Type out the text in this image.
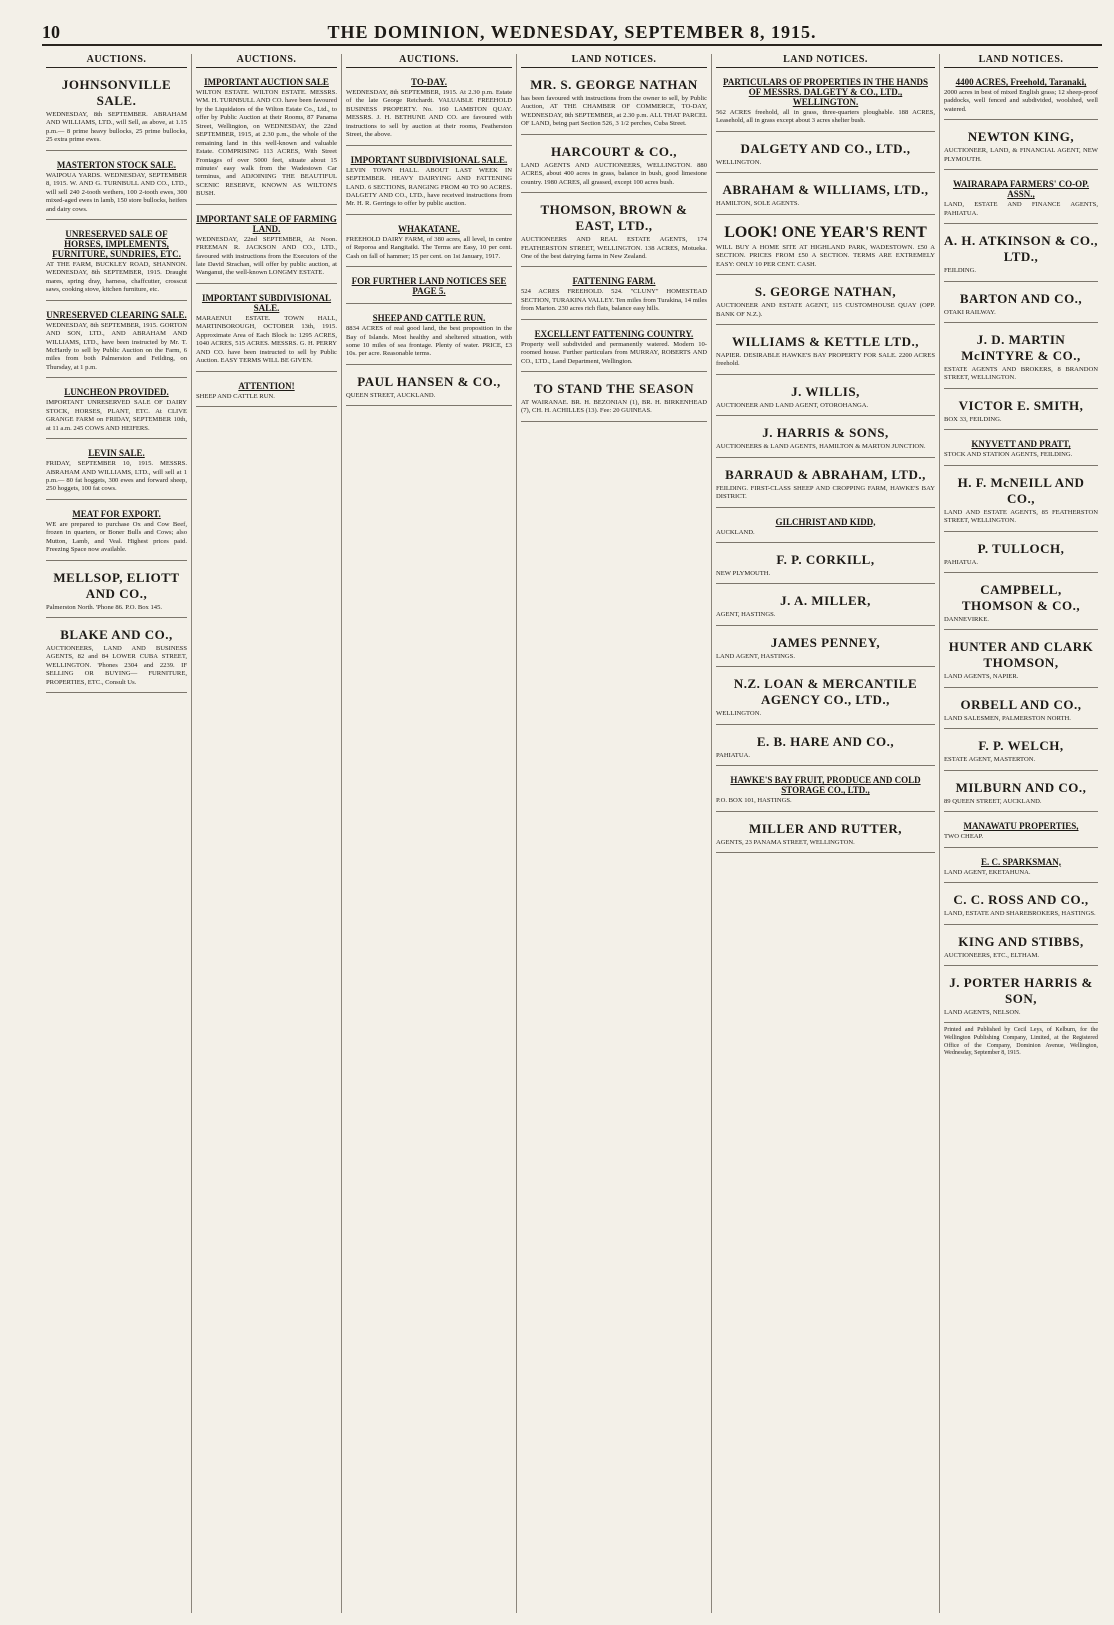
10	THE DOMINION, WEDNESDAY, SEPTEMBER 8, 1915.
AUCTIONS.
JOHNSONVILLE SALE.
WEDNESDAY, 8th SEPTEMBER. ABRAHAM AND WILLIAMS, LTD., will Sell, as above, at 1.15 p.m.— 8 prime heavy bullocks, 25 prime bullocks, 25 extra prime ewes.
MASTERTON STOCK SALE.
WAIPOUA YARDS. WEDNESDAY, SEPTEMBER 8, 1915. W. AND G. TURNBULL AND CO., LTD., will sell 240 2-tooth wethers, 100 2-tooth ewes, 300 mixed-aged ewes in lamb, 150 store bullocks, heifers and dairy cows.
UNRESERVED SALE OF HORSES, IMPLEMENTS, FURNITURE, SUNDRIES, ETC.
AT THE FARM, BUCKLEY ROAD, SHANNON. WEDNESDAY, 8th SEPTEMBER, 1915. Draught mares, spring dray, harness, chaffcutter, crosscut saws, cooking stove, kitchen furniture, etc.
UNRESERVED CLEARING SALE.
WEDNESDAY, 8th SEPTEMBER, 1915. GORTON AND SON, LTD., AND ABRAHAM AND WILLIAMS, LTD., have been instructed by Mr. T. McHardy to sell by Public Auction on the Farm, 6 miles from both Palmerston and Feilding, on Thursday, at 1 p.m.
LUNCHEON PROVIDED.
IMPORTANT UNRESERVED SALE OF DAIRY STOCK, HORSES, PLANT, ETC. At CLIVE GRANGE FARM on FRIDAY, SEPTEMBER 10th, at 11 a.m. 245 COWS AND HEIFERS.
LEVIN SALE.
FRIDAY, SEPTEMBER 10, 1915. MESSRS. ABRAHAM AND WILLIAMS, LTD., will sell at 1 p.m.— 80 fat hoggets, 300 ewes and forward sheep, 250 hoggets, 100 fat cows.
MEAT FOR EXPORT.
WE are prepared to purchase Ox and Cow Beef, frozen in quarters, or Boner Bulls and Cows; also Mutton, Lamb, and Veal. Highest prices paid. Freezing Space now available.
MELLSOP, ELIOTT AND CO.,
Palmerston North. 'Phone 86. P.O. Box 145.
BLAKE AND CO.,
AUCTIONEERS, LAND AND BUSINESS AGENTS, 82 and 84 LOWER CUBA STREET, WELLINGTON. 'Phones 2304 and 2239. IF SELLING OR BUYING— FURNITURE, PROPERTIES, ETC., Consult Us.
AUCTIONS.
IMPORTANT AUCTION SALE
WILTON ESTATE. WILTON ESTATE. MESSRS. WM. H. TURNBULL AND CO. have been favoured by the Liquidators of the Wilton Estate Co., Ltd., to offer by Public Auction at their Rooms, 87 Panama Street, Wellington, on WEDNESDAY, the 22nd SEPTEMBER, 1915, at 2.30 p.m., the whole of the remaining land in this well-known and valuable Estate. COMPRISING 113 ACRES, With Street Frontages of over 5000 feet, situate about 15 minutes' easy walk from the Wadestown Car terminus, and ADJOINING THE BEAUTIFUL SCENIC RESERVE, KNOWN AS WILTON'S BUSH.
IMPORTANT SALE OF FARMING LAND.
WEDNESDAY, 22nd SEPTEMBER, At Noon. FREEMAN R. JACKSON AND CO., LTD., favoured with instructions from the Executors of the late David Strachan, will offer by public auction, at Wanganui, the well-known LONGMY ESTATE.
IMPORTANT SUBDIVISIONAL SALE.
MARAENUI ESTATE. TOWN HALL, MARTINBOROUGH, OCTOBER 13th, 1915. Approximate Area of Each Block is: 1295 ACRES, 1040 ACRES, 515 ACRES. MESSRS. G. H. PERRY AND CO. have been instructed to sell by Public Auction. EASY TERMS WILL BE GIVEN.
ATTENTION!
SHEEP AND CATTLE RUN.
AUCTIONS.
TO-DAY.
WEDNESDAY, 8th SEPTEMBER, 1915. At 2.30 p.m. Estate of the late George Reichardt. VALUABLE FREEHOLD BUSINESS PROPERTY. No. 160 LAMBTON QUAY. MESSRS. J. H. BETHUNE AND CO. are favoured with instructions to sell by auction at their rooms, Featherston Street, the above.
IMPORTANT SUBDIVISIONAL SALE.
LEVIN TOWN HALL. ABOUT LAST WEEK IN SEPTEMBER. HEAVY DAIRYING AND FATTENING LAND. 6 SECTIONS, RANGING FROM 40 TO 90 ACRES. DALGETY AND CO., LTD., have received instructions from Mr. H. R. Gerrings to offer by public auction.
WHAKATANE.
FREEHOLD DAIRY FARM, of 380 acres, all level, in centre of Reporoa and Rangitaiki. The Terms are Easy, 10 per cent. Cash on fall of hammer; 15 per cent. on 1st January, 1917.
FOR FURTHER LAND NOTICES SEE PAGE 5.
SHEEP AND CATTLE RUN.
8834 ACRES of real good land, the best proposition in the Bay of Islands. Most healthy and sheltered situation, with some 10 miles of sea frontage. Plenty of water. PRICE, £3 10s. per acre. Reasonable terms.
PAUL HANSEN & CO.,
QUEEN STREET, AUCKLAND.
LAND NOTICES.
MR. S. GEORGE NATHAN
has been favoured with instructions from the owner to sell, by Public Auction, AT THE CHAMBER OF COMMERCE, TO-DAY, WEDNESDAY, 8th SEPTEMBER, at 2.30 p.m. ALL THAT PARCEL OF LAND, being part Section 526, 3 1/2 perches, Cuba Street.
HARCOURT & CO.,
LAND AGENTS AND AUCTIONEERS, WELLINGTON. 880 ACRES, about 400 acres in grass, balance in bush, good limestone country. 1980 ACRES, all grassed, except 100 acres bush.
THOMSON, BROWN & EAST, LTD.,
AUCTIONEERS AND REAL ESTATE AGENTS, 174 FEATHERSTON STREET, WELLINGTON. 138 ACRES, Motueka. One of the best dairying farms in New Zealand.
FATTENING FARM.
524 ACRES FREEHOLD. 524. "CLUNY" HOMESTEAD SECTION, TURAKINA VALLEY. Ten miles from Turakina, 14 miles from Marton. 230 acres rich flats, balance easy hills.
EXCELLENT FATTENING COUNTRY.
Property well subdivided and permanently watered. Modern 10-roomed house. Further particulars from MURRAY, ROBERTS AND CO., LTD., Land Department, Wellington.
TO STAND THE SEASON
AT WAIRANAE. BR. H. BEZONIAN (1), BR. H. BIRKENHEAD (7), CH. H. ACHILLES (13). Fee: 20 GUINEAS.
LAND NOTICES.
PARTICULARS OF PROPERTIES IN THE HANDS OF MESSRS. DALGETY & CO., LTD., WELLINGTON.
562 ACRES freehold, all in grass, three-quarters ploughable. 188 ACRES, Leasehold, all in grass except about 3 acres shelter bush.
DALGETY AND CO., LTD.,
WELLINGTON.
ABRAHAM & WILLIAMS, LTD.,
HAMILTON, SOLE AGENTS.
LOOK! ONE YEAR'S RENT
WILL BUY A HOME SITE AT HIGHLAND PARK, WADESTOWN. £50 A SECTION. PRICES FROM £50 A SECTION. TERMS ARE EXTREMELY EASY: ONLY 10 PER CENT. CASH.
S. GEORGE NATHAN,
AUCTIONEER AND ESTATE AGENT, 115 CUSTOMHOUSE QUAY (OPP. BANK OF N.Z.).
WILLIAMS & KETTLE LTD.,
NAPIER. DESIRABLE HAWKE'S BAY PROPERTY FOR SALE. 2200 ACRES freehold.
J. WILLIS,
AUCTIONEER AND LAND AGENT, OTOROHANGA.
J. HARRIS & SONS,
AUCTIONEERS & LAND AGENTS, HAMILTON & MARTON JUNCTION.
BARRAUD & ABRAHAM, LTD.,
FEILDING. FIRST-CLASS SHEEP AND CROPPING FARM, HAWKE'S BAY DISTRICT.
GILCHRIST AND KIDD,
AUCKLAND.
F. P. CORKILL,
NEW PLYMOUTH.
J. A. MILLER,
AGENT, HASTINGS.
JAMES PENNEY,
LAND AGENT, HASTINGS.
N.Z. LOAN & MERCANTILE AGENCY CO., LTD.,
WELLINGTON.
E. B. HARE AND CO.,
PAHIATUA.
HAWKE'S BAY FRUIT, PRODUCE AND COLD STORAGE CO., LTD.,
P.O. BOX 101, HASTINGS.
MILLER AND RUTTER,
AGENTS, 23 PANAMA STREET, WELLINGTON.
LAND NOTICES.
4400 ACRES, Freehold, Taranaki,
2000 acres in best of mixed English grass; 12 sheep-proof paddocks, well fenced and subdivided, woolshed, well watered.
NEWTON KING,
AUCTIONEER, LAND, & FINANCIAL AGENT, NEW PLYMOUTH.
WAIRARAPA FARMERS' CO-OP. ASSN.,
LAND, ESTATE AND FINANCE AGENTS, PAHIATUA.
A. H. ATKINSON & CO., LTD.,
FEILDING.
BARTON AND CO.,
OTAKI RAILWAY.
J. D. MARTIN McINTYRE & CO.,
ESTATE AGENTS AND BROKERS, 8 BRANDON STREET, WELLINGTON.
VICTOR E. SMITH,
BOX 33, FEILDING.
KNYVETT AND PRATT,
STOCK AND STATION AGENTS, FEILDING.
H. F. McNEILL AND CO.,
LAND AND ESTATE AGENTS, 85 FEATHERSTON STREET, WELLINGTON.
P. TULLOCH,
PAHIATUA.
CAMPBELL, THOMSON & CO.,
DANNEVIRKE.
HUNTER AND CLARK THOMSON,
LAND AGENTS, NAPIER.
ORBELL AND CO.,
LAND SALESMEN, PALMERSTON NORTH.
F. P. WELCH,
ESTATE AGENT, MASTERTON.
MILBURN AND CO.,
89 QUEEN STREET, AUCKLAND.
MANAWATU PROPERTIES,
TWO CHEAP.
E. C. SPARKSMAN,
LAND AGENT, EKETAHUNA.
C. C. ROSS AND CO.,
LAND, ESTATE AND SHAREBROKERS, HASTINGS.
KING AND STIBBS,
AUCTIONEERS, ETC., ELTHAM.
J. PORTER HARRIS & SON,
LAND AGENTS, NELSON.
Printed and Published by Cecil Leys, of Kelburn, for the Wellington Publishing Company, Limited, at the Registered Office of the Company, Dominion Avenue, Wellington, Wednesday, September 8, 1915.
